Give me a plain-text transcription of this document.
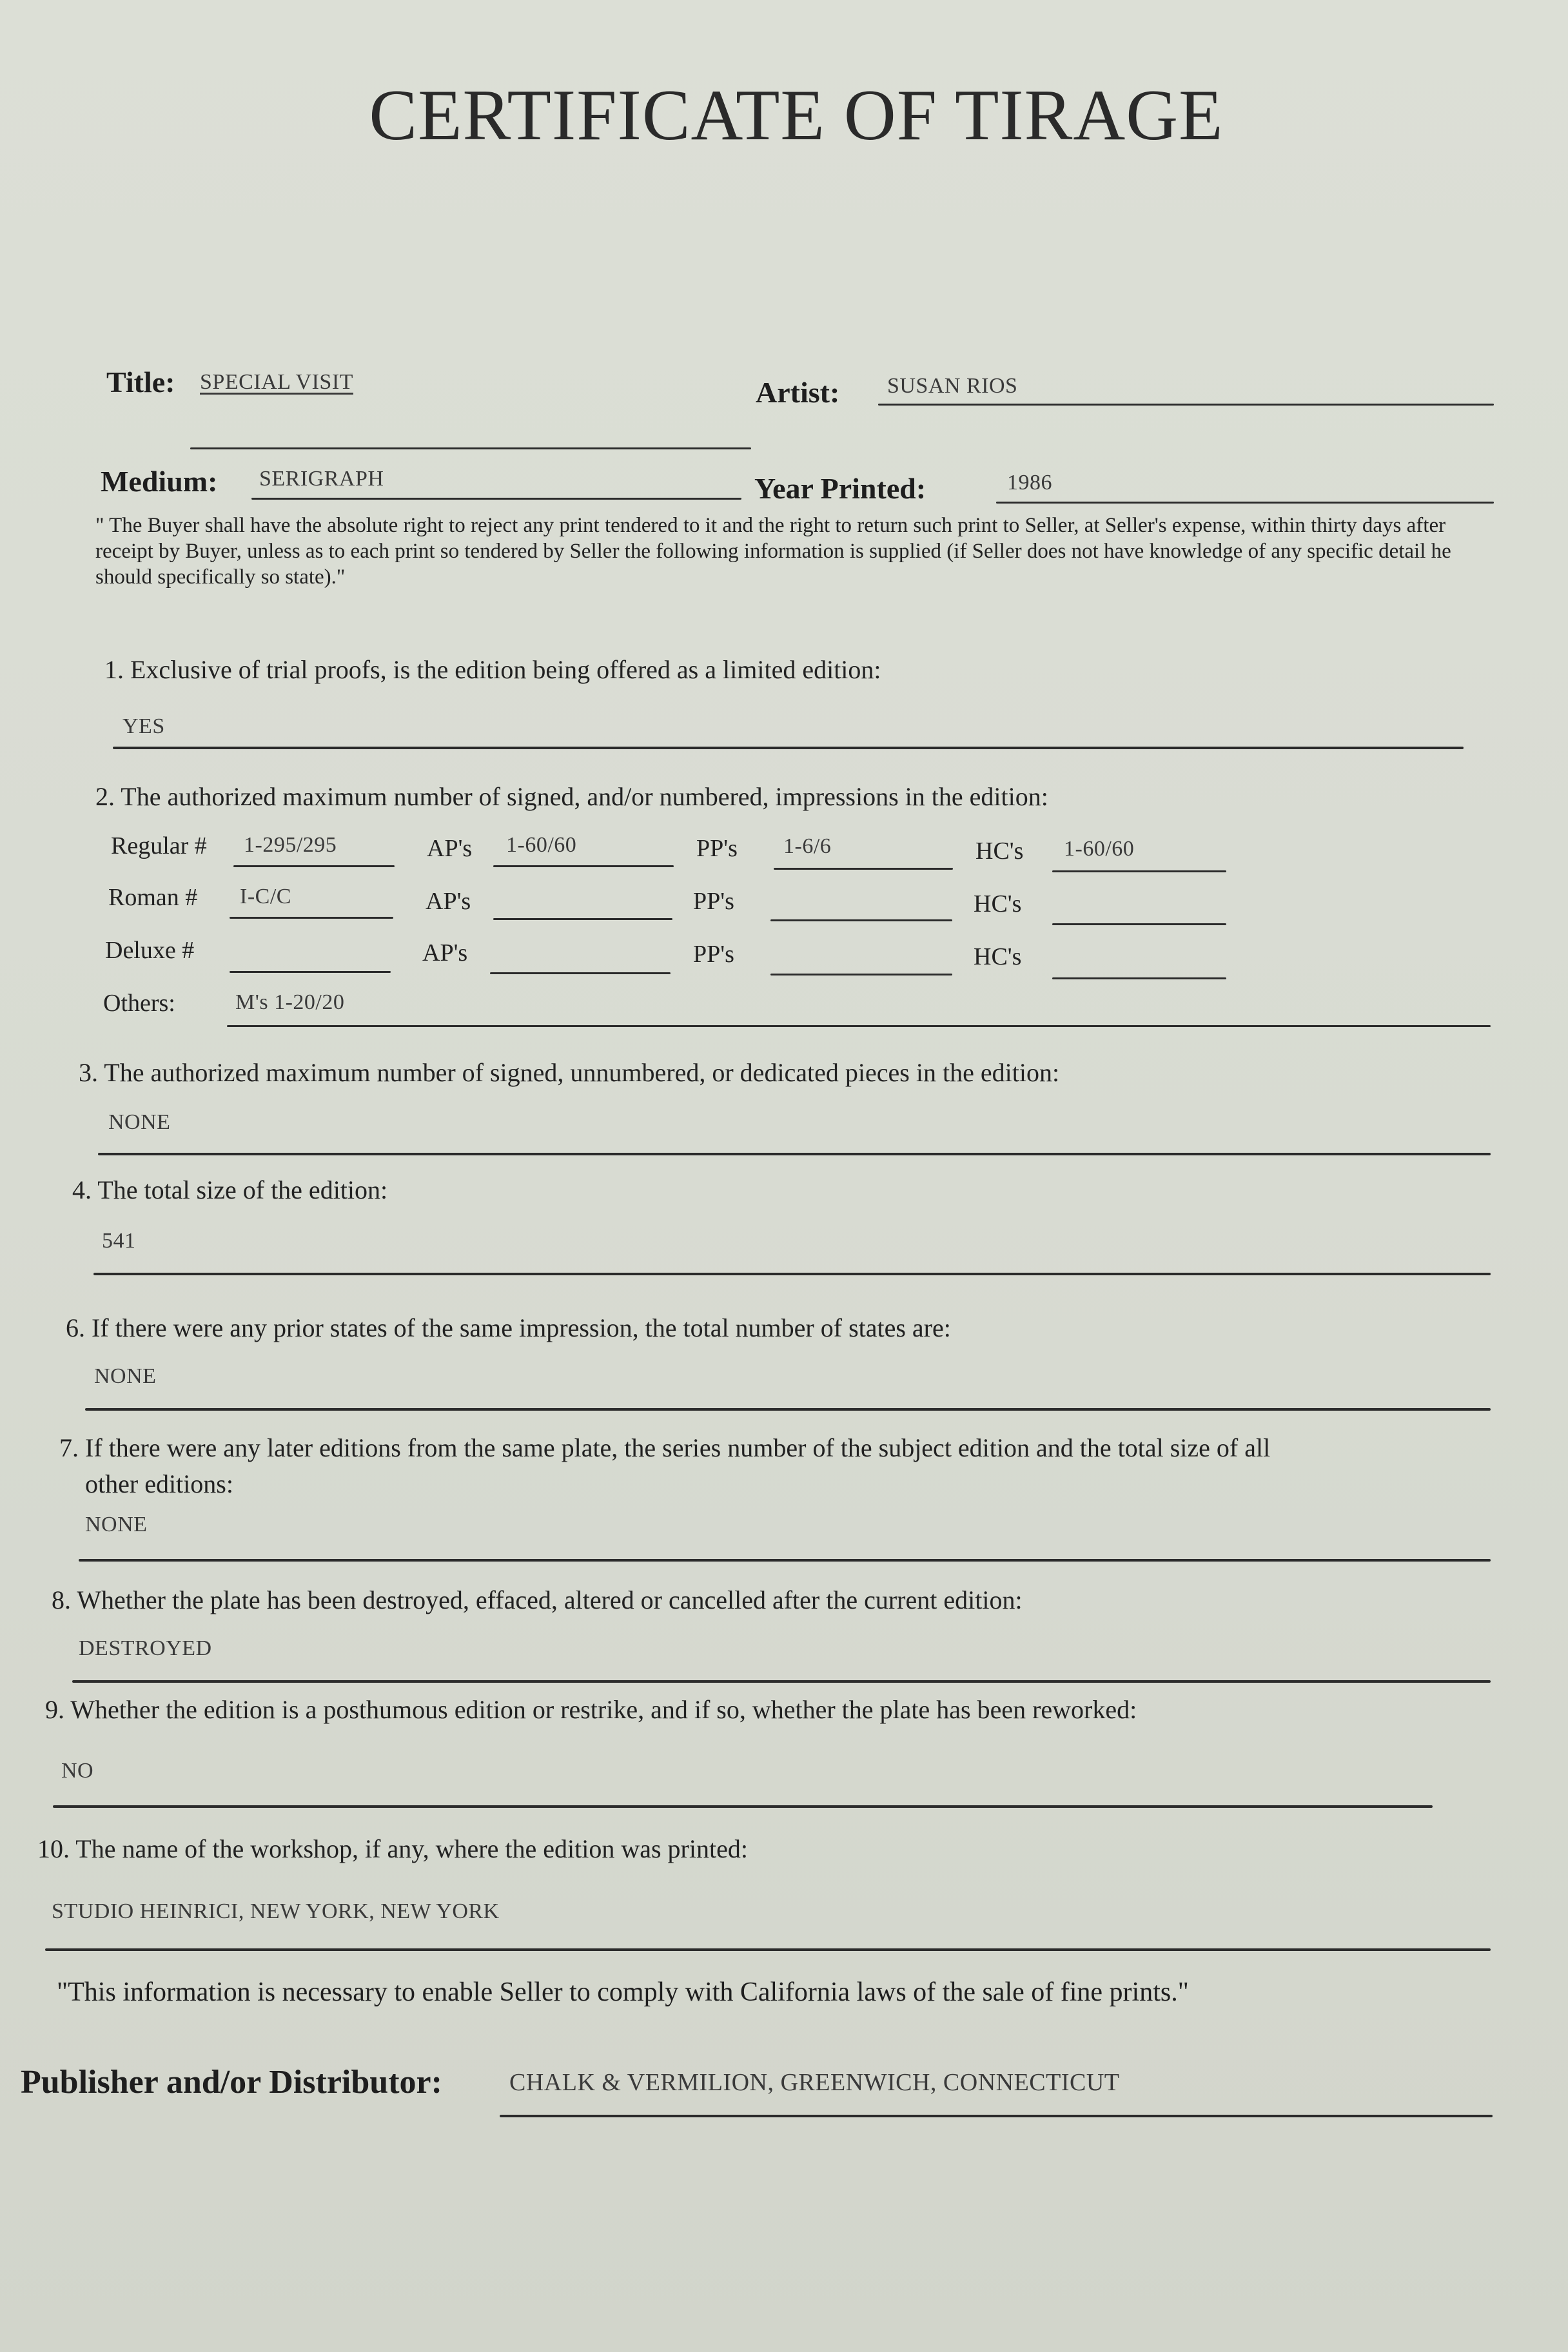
CERTIFICATE OF TIRAGE
Title: SPECIAL VISIT	Artist: SUSAN RIOS
Medium: SERIGRAPH	Year Printed:	1986
" The Buyer shall have the absolute right to reject any print tendered to it and the right to return such print to Seller, at Seller's expense, within thirty days after receipt by Buyer, unless as to each print so tendered by Seller the following information is supplied (if Seller does not have knowledge of any specific detail he should specifically so state)."
1. Exclusive of trial proofs, is the edition being offered as a limited edition:
YES
2. The authorized maximum number of signed, and/or numbered, impressions in the edition:
Regular # 1-295/295	AP's 1-60/60	PP's 1-6/6	HC's 1-60/60
Roman # I-C/C	AP's	PP's	HC's
Deluxe #	AP's	PP's	HC's
Others:	M's 1-20/20
3. The authorized maximum number of signed, unnumbered, or dedicated pieces in the edition:
NONE
4. The total size of the edition:
541
6. If there were any prior states of the same impression, the total number of states are:
NONE
7. If there were any later editions from the same plate, the series number of the subject edition and the total size of all
other editions:
NONE
8. Whether the plate has been destroyed, effaced, altered or cancelled after the current edition:
DESTROYED
9. Whether the edition is a posthumous edition or restrike, and if so, whether the plate has been reworked:
NO
10. The name of the workshop, if any, where the edition was printed:
STUDIO HEINRICI, NEW YORK, NEW YORK
"This information is necessary to enable Seller to comply with California laws of the sale of fine prints."
Publisher and/or Distributor:	CHALK & VERMILION, GREENWICH, CONNECTICUT
